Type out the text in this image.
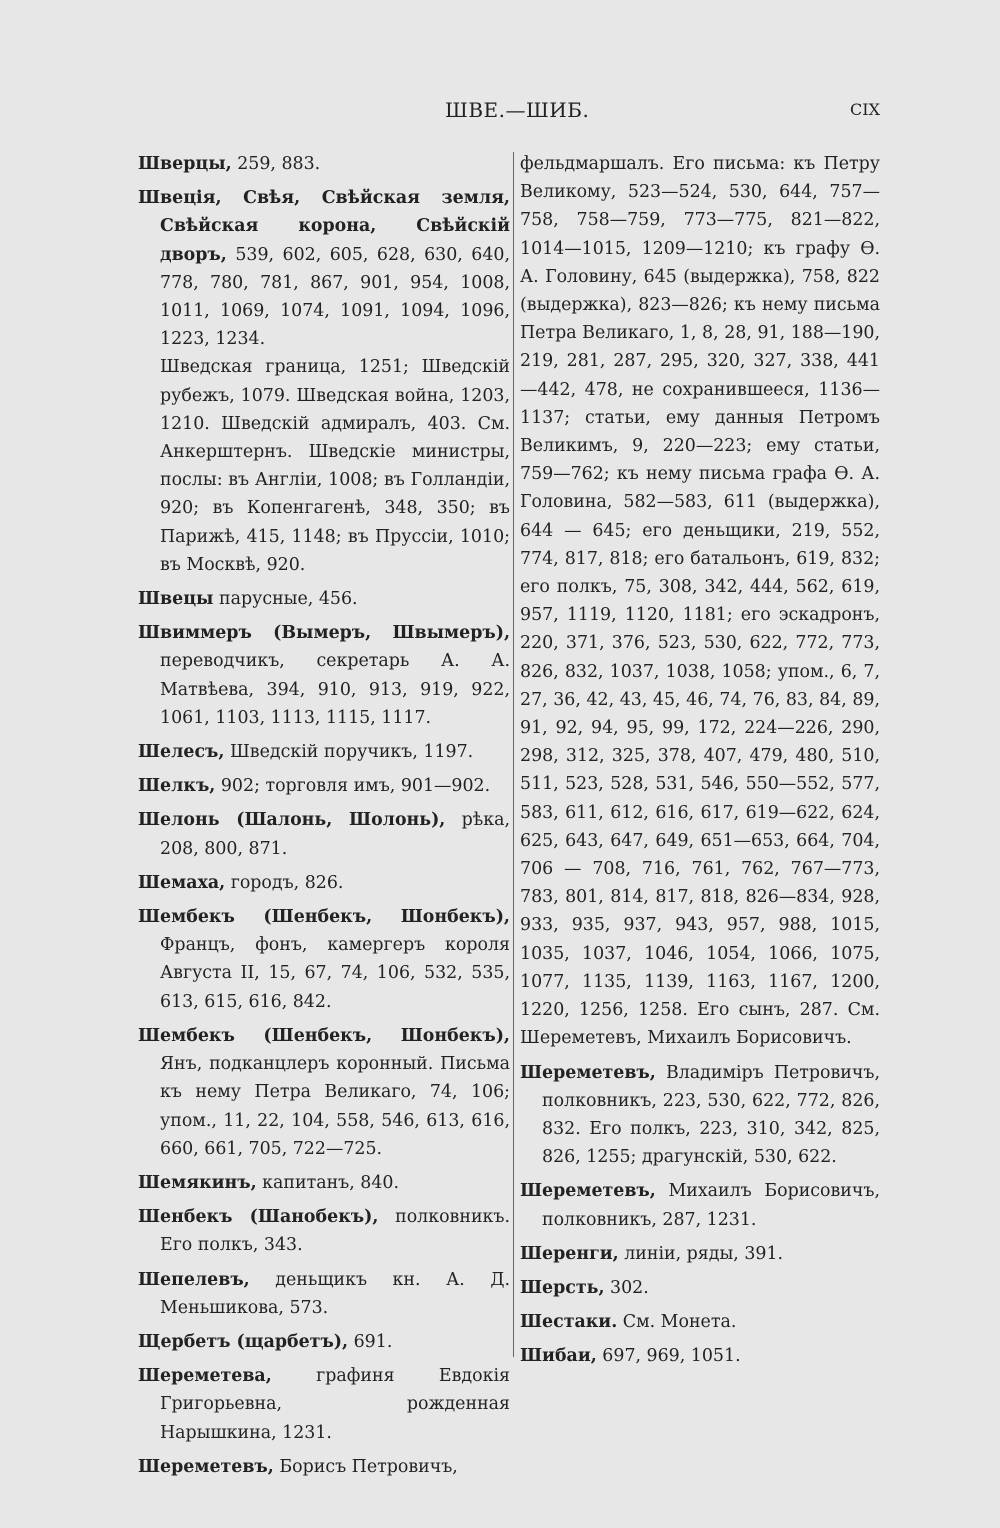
ШВЕ.—ШИБ.	CIX

Шверцы, 259, 883.

Швеція, Свѣя, Свѣйская земля, Свѣйская корона, Свѣйскій дворъ, 539, 602, 605, 628, 630, 640, 778, 780, 781, 867, 901, 954, 1008, 1011, 1069, 1074, 1091, 1094, 1096, 1223, 1234.

Шведская граница, 1251; Шведскій рубежъ, 1079. Шведская война, 1203, 1210. Шведскій адмиралъ, 403. См. Анкерштернъ. Шведскіе министры, послы: въ Англіи, 1008; въ Голландіи, 920; въ Копенгагенѣ, 348, 350; въ Парижѣ, 415, 1148; въ Пруссіи, 1010; въ Москвѣ, 920.

Швецы парусные, 456.

Швиммеръ (Вымеръ, Швымеръ), переводчикъ, секретарь А. А. Матвѣева, 394, 910, 913, 919, 922, 1061, 1103, 1113, 1115, 1117.

Шелесъ, Шведскій поручикъ, 1197.

Шелкъ, 902; торговля имъ, 901—902.

Шелонь (Шалонь, Шолонь), рѣка, 208, 800, 871.

Шемаха, городъ, 826.

Шембекъ (Шенбекъ, Шонбекъ), Францъ, фонъ, камергеръ короля Августа II, 15, 67, 74, 106, 532, 535, 613, 615, 616, 842.

Шембекъ (Шенбекъ, Шонбекъ), Янъ, подканцлеръ коронный. Письма къ нему Петра Великаго, 74, 106; упом., 11, 22, 104, 558, 546, 613, 616, 660, 661, 705, 722—725.

Шемякинъ, капитанъ, 840.

Шенбекъ (Шанобекъ), полковникъ. Его полкъ, 343.

Шепелевъ, деньщикъ кн. А. Д. Меньшикова, 573.

Щербетъ (щарбетъ), 691.

Шереметева, графиня Евдокія Григорьевна, рожденная Нарышкина, 1231.

Шереметевъ, Борисъ Петровичъ,

фельдмаршалъ. Его письма: къ Петру Великому, 523—524, 530, 644, 757—758, 758—759, 773—775, 821—822, 1014—1015, 1209—1210; къ графу Ѳ. А. Головину, 645 (выдержка), 758, 822 (выдержка), 823—826; къ нему письма Петра Великаго, 1, 8, 28, 91, 188—190, 219, 281, 287, 295, 320, 327, 338, 441—442, 478, не сохранившееся, 1136—1137; статьи, ему данныя Петромъ Великимъ, 9, 220—223; ему статьи, 759—762; къ нему письма графа Ѳ. А. Головина, 582—583, 611 (выдержка), 644 — 645; его деньщики, 219, 552, 774, 817, 818; его батальонъ, 619, 832; его полкъ, 75, 308, 342, 444, 562, 619, 957, 1119, 1120, 1181; его эскадронъ, 220, 371, 376, 523, 530, 622, 772, 773, 826, 832, 1037, 1038, 1058; упом., 6, 7, 27, 36, 42, 43, 45, 46, 74, 76, 83, 84, 89, 91, 92, 94, 95, 99, 172, 224—226, 290, 298, 312, 325, 378, 407, 479, 480, 510, 511, 523, 528, 531, 546, 550—552, 577, 583, 611, 612, 616, 617, 619—622, 624, 625, 643, 647, 649, 651—653, 664, 704, 706 — 708, 716, 761, 762, 767—773, 783, 801, 814, 817, 818, 826—834, 928, 933, 935, 937, 943, 957, 988, 1015, 1035, 1037, 1046, 1054, 1066, 1075, 1077, 1135, 1139, 1163, 1167, 1200, 1220, 1256, 1258. Его сынъ, 287. См. Шереметевъ, Михаилъ Борисовичъ.

Шереметевъ, Владиміръ Петровичъ, полковникъ, 223, 530, 622, 772, 826, 832. Его полкъ, 223, 310, 342, 825, 826, 1255; драгунскій, 530, 622.

Шереметевъ, Михаилъ Борисовичъ, полковникъ, 287, 1231.

Шеренги, линіи, ряды, 391.

Шерсть, 302.

Шестаки. См. Монета.

Шибаи, 697, 969, 1051.
